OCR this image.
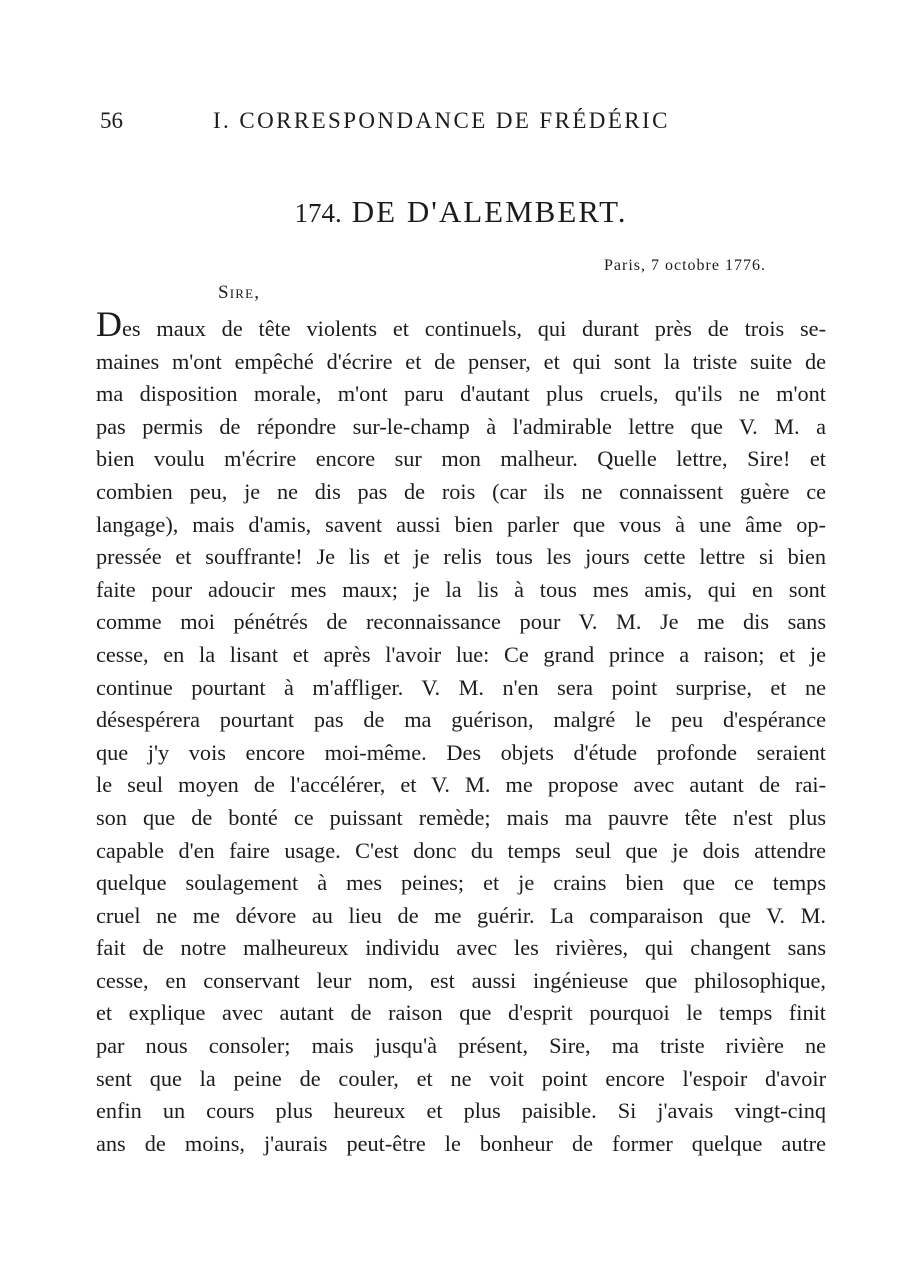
56	I. CORRESPONDANCE DE FRÉDÉRIC
174. DE D'ALEMBERT.
Paris, 7 octobre 1776.
Sire,
Des maux de tête violents et continuels, qui durant près de trois se-
maines m'ont empêché d'écrire et de penser, et qui sont la triste suite de
ma disposition morale, m'ont paru d'autant plus cruels, qu'ils ne m'ont
pas permis de répondre sur-le-champ à l'admirable lettre que V. M. a
bien voulu m'écrire encore sur mon malheur. Quelle lettre, Sire! et
combien peu, je ne dis pas de rois (car ils ne connaissent guère ce
langage), mais d'amis, savent aussi bien parler que vous à une âme op-
pressée et souffrante! Je lis et je relis tous les jours cette lettre si bien
faite pour adoucir mes maux; je la lis à tous mes amis, qui en sont
comme moi pénétrés de reconnaissance pour V. M. Je me dis sans
cesse, en la lisant et après l'avoir lue: Ce grand prince a raison; et je
continue pourtant à m'affliger. V. M. n'en sera point surprise, et ne
désespérera pourtant pas de ma guérison, malgré le peu d'espérance
que j'y vois encore moi-même. Des objets d'étude profonde seraient
le seul moyen de l'accélérer, et V. M. me propose avec autant de rai-
son que de bonté ce puissant remède; mais ma pauvre tête n'est plus
capable d'en faire usage. C'est donc du temps seul que je dois attendre
quelque soulagement à mes peines; et je crains bien que ce temps
cruel ne me dévore au lieu de me guérir. La comparaison que V. M.
fait de notre malheureux individu avec les rivières, qui changent sans
cesse, en conservant leur nom, est aussi ingénieuse que philosophique,
et explique avec autant de raison que d'esprit pourquoi le temps finit
par nous consoler; mais jusqu'à présent, Sire, ma triste rivière ne
sent que la peine de couler, et ne voit point encore l'espoir d'avoir
enfin un cours plus heureux et plus paisible. Si j'avais vingt-cinq
ans de moins, j'aurais peut-être le bonheur de former quelque autre
